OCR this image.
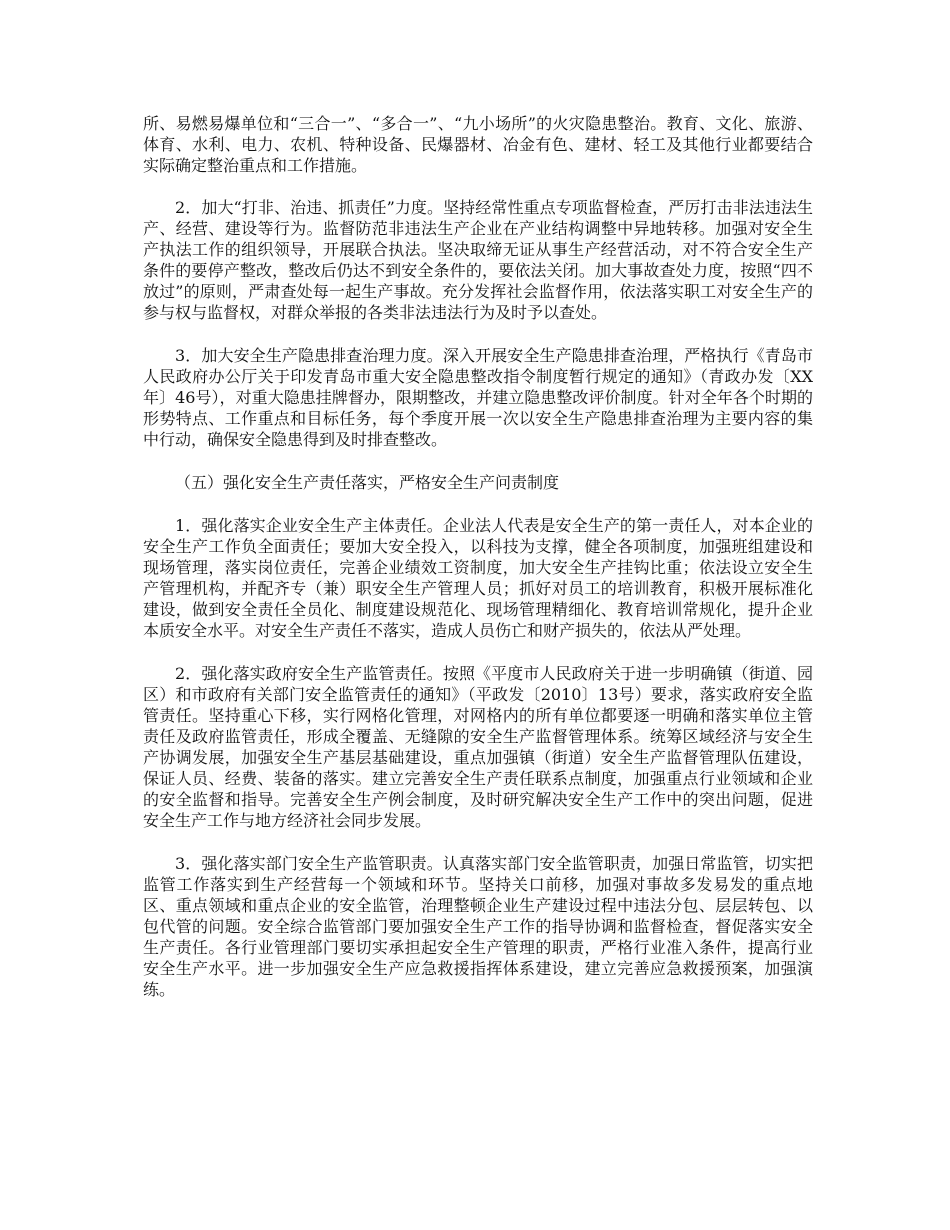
所、易燃易爆单位和“三合一”、“多合一”、“九小场所”的火灾隐患整治。教育、文化、旅游、体育、水利、电力、农机、特种设备、民爆器材、冶金有色、建材、轻工及其他行业都要结合实际确定整治重点和工作措施。

2．加大“打非、治违、抓责任”力度。坚持经常性重点专项监督检查，严厉打击非法违法生产、经营、建设等行为。监督防范非违法生产企业在产业结构调整中异地转移。加强对安全生产执法工作的组织领导，开展联合执法。坚决取缔无证从事生产经营活动，对不符合安全生产条件的要停产整改，整改后仍达不到安全条件的，要依法关闭。加大事故查处力度，按照“四不放过”的原则，严肃查处每一起生产事故。充分发挥社会监督作用，依法落实职工对安全生产的参与权与监督权，对群众举报的各类非法违法行为及时予以查处。

3．加大安全生产隐患排查治理力度。深入开展安全生产隐患排查治理，严格执行《青岛市人民政府办公厅关于印发青岛市重大安全隐患整改指令制度暂行规定的通知》（青政办发〔XX年〕46号），对重大隐患挂牌督办，限期整改，并建立隐患整改评价制度。针对全年各个时期的形势特点、工作重点和目标任务，每个季度开展一次以安全生产隐患排查治理为主要内容的集中行动，确保安全隐患得到及时排查整改。

（五）强化安全生产责任落实，严格安全生产问责制度

1．强化落实企业安全生产主体责任。企业法人代表是安全生产的第一责任人，对本企业的安全生产工作负全面责任；要加大安全投入，以科技为支撑，健全各项制度，加强班组建设和现场管理，落实岗位责任，完善企业绩效工资制度，加大安全生产挂钩比重；依法设立安全生产管理机构，并配齐专（兼）职安全生产管理人员；抓好对员工的培训教育，积极开展标准化建设，做到安全责任全员化、制度建设规范化、现场管理精细化、教育培训常规化，提升企业本质安全水平。对安全生产责任不落实，造成人员伤亡和财产损失的，依法从严处理。

2．强化落实政府安全生产监管责任。按照《平度市人民政府关于进一步明确镇（街道、园区）和市政府有关部门安全监管责任的通知》（平政发〔2010〕13号）要求，落实政府安全监管责任。坚持重心下移，实行网格化管理，对网格内的所有单位都要逐一明确和落实单位主管责任及政府监管责任，形成全覆盖、无缝隙的安全生产监督管理体系。统筹区域经济与安全生产协调发展，加强安全生产基层基础建设，重点加强镇（街道）安全生产监督管理队伍建设，保证人员、经费、装备的落实。建立完善安全生产责任联系点制度，加强重点行业领域和企业的安全监督和指导。完善安全生产例会制度，及时研究解决安全生产工作中的突出问题，促进安全生产工作与地方经济社会同步发展。

3．强化落实部门安全生产监管职责。认真落实部门安全监管职责，加强日常监管，切实把监管工作落实到生产经营每一个领域和环节。坚持关口前移，加强对事故多发易发的重点地区、重点领域和重点企业的安全监管，治理整顿企业生产建设过程中违法分包、层层转包、以包代管的问题。安全综合监管部门要加强安全生产工作的指导协调和监督检查，督促落实安全生产责任。各行业管理部门要切实承担起安全生产管理的职责，严格行业准入条件，提高行业安全生产水平。进一步加强安全生产应急救援指挥体系建设，建立完善应急救援预案，加强演练。
